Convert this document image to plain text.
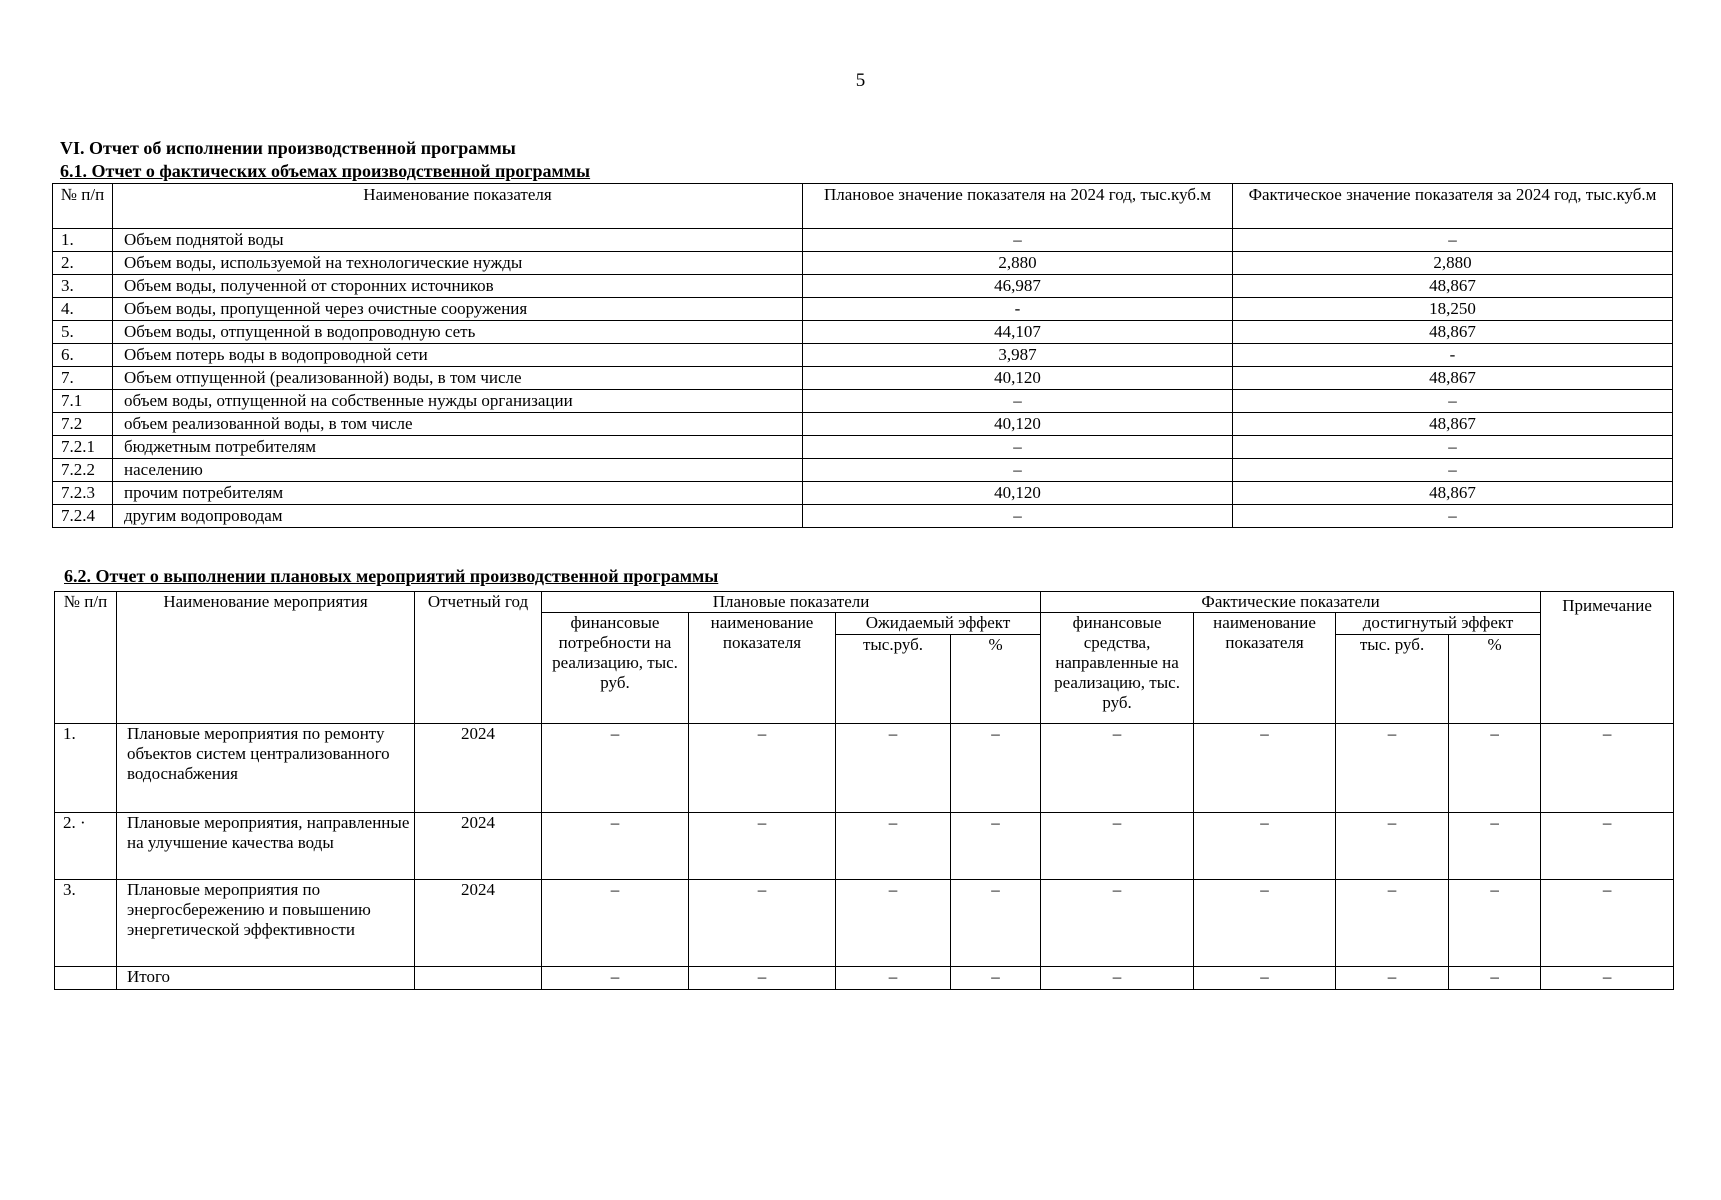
5
VI. Отчет об исполнении производственной программы
6.1. Отчет о фактических объемах производственной программы
№ п/п	Наименование показателя	Плановое значение показателя на 2024 год, тыс.куб.м	Фактическое значение показателя за 2024 год, тыс.куб.м
1.	Объем поднятой воды	–	–
2.	Объем воды, используемой на технологические нужды	2,880	2,880
3.	Объем воды, полученной от сторонних источников	46,987	48,867
4.	Объем воды, пропущенной через очистные сооружения	-	18,250
5.	Объем воды, отпущенной в водопроводную сеть	44,107	48,867
6.	Объем потерь воды в водопроводной сети	3,987	-
7.	Объем отпущенной (реализованной) воды, в том числе	40,120	48,867
7.1	объем воды, отпущенной на собственные нужды организации	–	–
7.2	объем реализованной воды, в том числе	40,120	48,867
7.2.1	бюджетным потребителям	–	–
7.2.2	населению	–	–
7.2.3	прочим потребителям	40,120	48,867
7.2.4	другим водопроводам	–	–
6.2. Отчет о выполнении плановых мероприятий производственной программы
№ п/п	Наименование мероприятия	Отчетный год	Плановые показатели				Фактические показатели				Примечание
			финансовые потребности на реализацию, тыс. руб.	наименование показателя	Ожидаемый эффект		финансовые средства, направленные на реализацию, тыс. руб.	наименование показателя	достигнутый эффект		
					тыс.руб.	%			тыс. руб.	%	
1.	Плановые мероприятия по ремонту объектов систем централизованного водоснабжения	2024	–	–	–	–	–	–	–	–	–
2. ·	Плановые мероприятия, направленные на улучшение качества воды	2024	–	–	–	–	–	–	–	–	–
3.	Плановые мероприятия по энергосбережению и повышению энергетической эффективности	2024	–	–	–	–	–	–	–	–	–
	Итого		–	–	–	–	–	–	–	–	–
